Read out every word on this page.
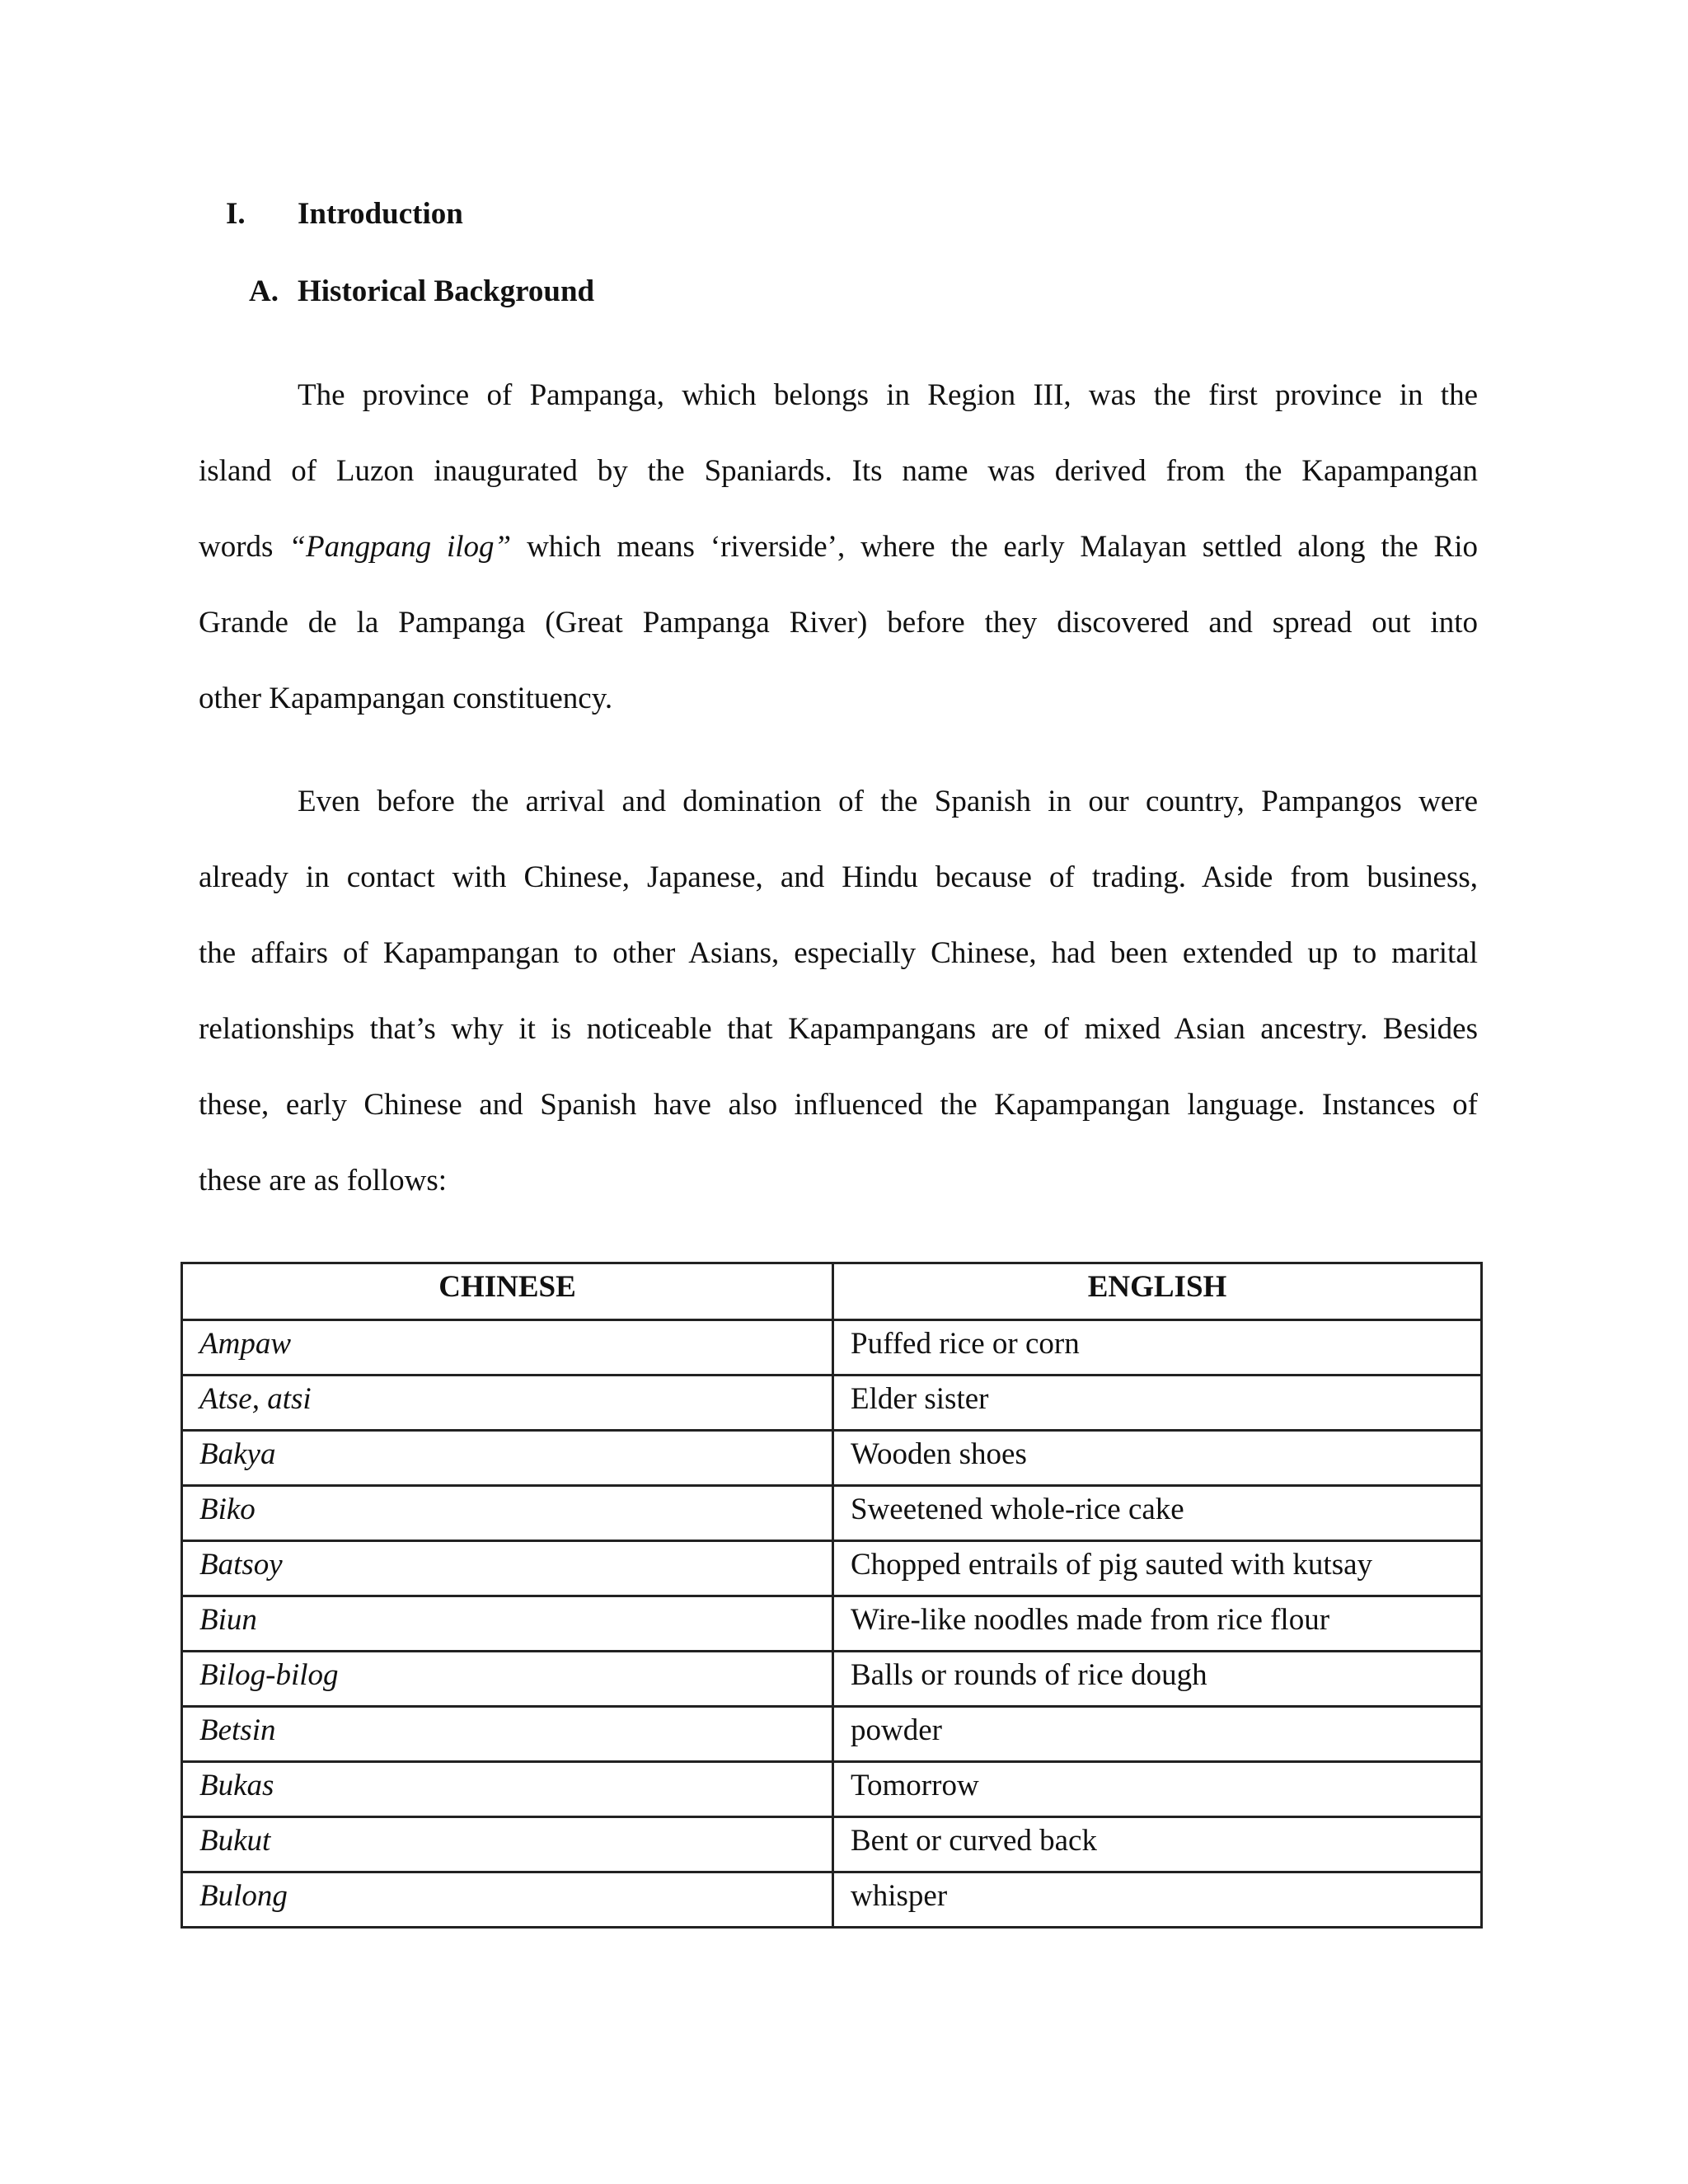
I. Introduction
A. Historical Background
The province of Pampanga, which belongs in Region III, was the first province in the
island of Luzon inaugurated by the Spaniards. Its name was derived from the Kapampangan
words “Pangpang ilog” which means ‘riverside’, where the early Malayan settled along the Rio
Grande de la Pampanga (Great Pampanga River) before they discovered and spread out into
other Kapampangan constituency.
Even before the arrival and domination of the Spanish in our country, Pampangos were
already in contact with Chinese, Japanese, and Hindu because of trading. Aside from business,
the affairs of Kapampangan to other Asians, especially Chinese, had been extended up to marital
relationships that’s why it is noticeable that Kapampangans are of mixed Asian ancestry. Besides
these, early Chinese and Spanish have also influenced the Kapampangan language. Instances of
these are as follows:
CHINESE	ENGLISH
Ampaw	Puffed rice or corn
Atse, atsi	Elder sister
Bakya	Wooden shoes
Biko	Sweetened whole-rice cake
Batsoy	Chopped entrails of pig sauted with kutsay
Biun	Wire-like noodles made from rice flour
Bilog-bilog	Balls or rounds of rice dough
Betsin	powder
Bukas	Tomorrow
Bukut	Bent or curved back
Bulong	whisper
